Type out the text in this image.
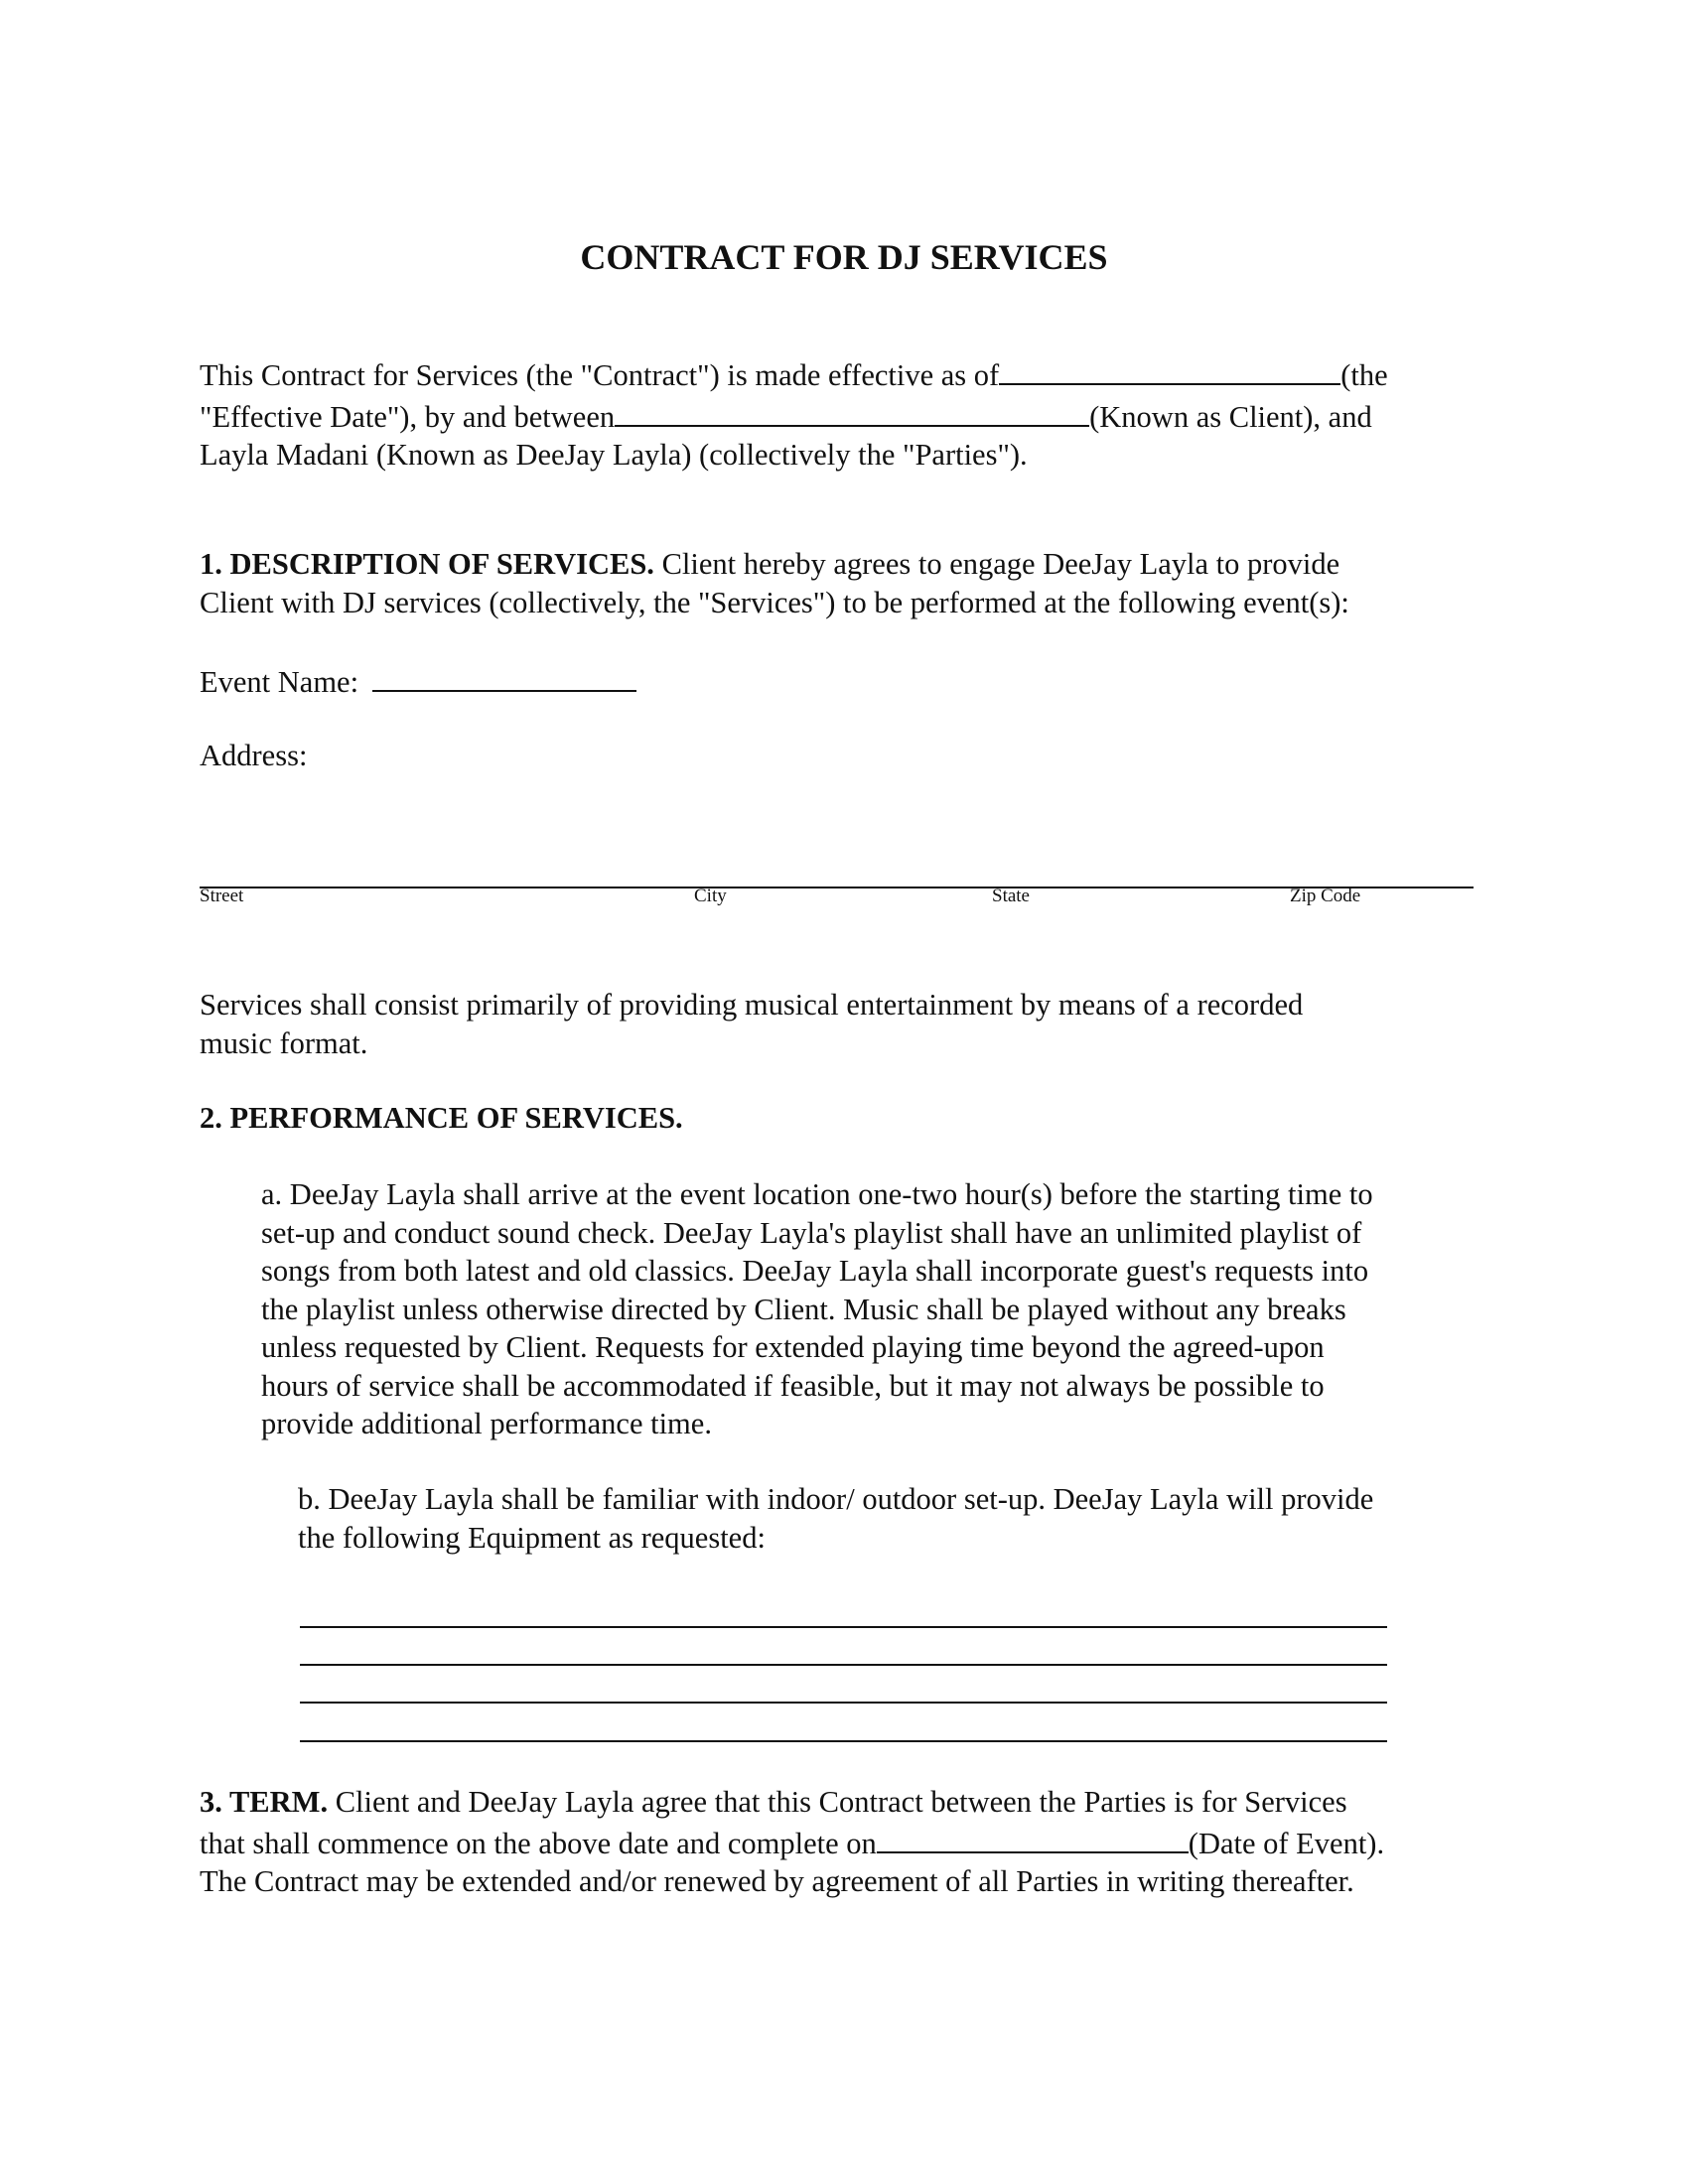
CONTRACT FOR DJ SERVICES
This Contract for Services (the "Contract") is made effective as of	(the
"Effective Date"), by and between	(Known as Client), and
Layla Madani (Known as DeeJay Layla) (collectively the "Parties").
1. DESCRIPTION OF SERVICES. Client hereby agrees to engage DeeJay Layla to provide
Client with DJ services (collectively, the "Services") to be performed at the following event(s):
Event Name:
Address:
Street	City	State	Zip Code
Services shall consist primarily of providing musical entertainment by means of a recorded
music format.
2. PERFORMANCE OF SERVICES.
a. DeeJay Layla shall arrive at the event location one-two hour(s) before the starting time to
set-up and conduct sound check. DeeJay Layla's playlist shall have an unlimited playlist of
songs from both latest and old classics. DeeJay Layla shall incorporate guest's requests into
the playlist unless otherwise directed by Client. Music shall be played without any breaks
unless requested by Client. Requests for extended playing time beyond the agreed-upon
hours of service shall be accommodated if feasible, but it may not always be possible to
provide additional performance time.
b. DeeJay Layla shall be familiar with indoor/ outdoor set-up. DeeJay Layla will provide
the following Equipment as requested:
3. TERM. Client and DeeJay Layla agree that this Contract between the Parties is for Services
that shall commence on the above date and complete on	(Date of Event).
The Contract may be extended and/or renewed by agreement of all Parties in writing thereafter.
